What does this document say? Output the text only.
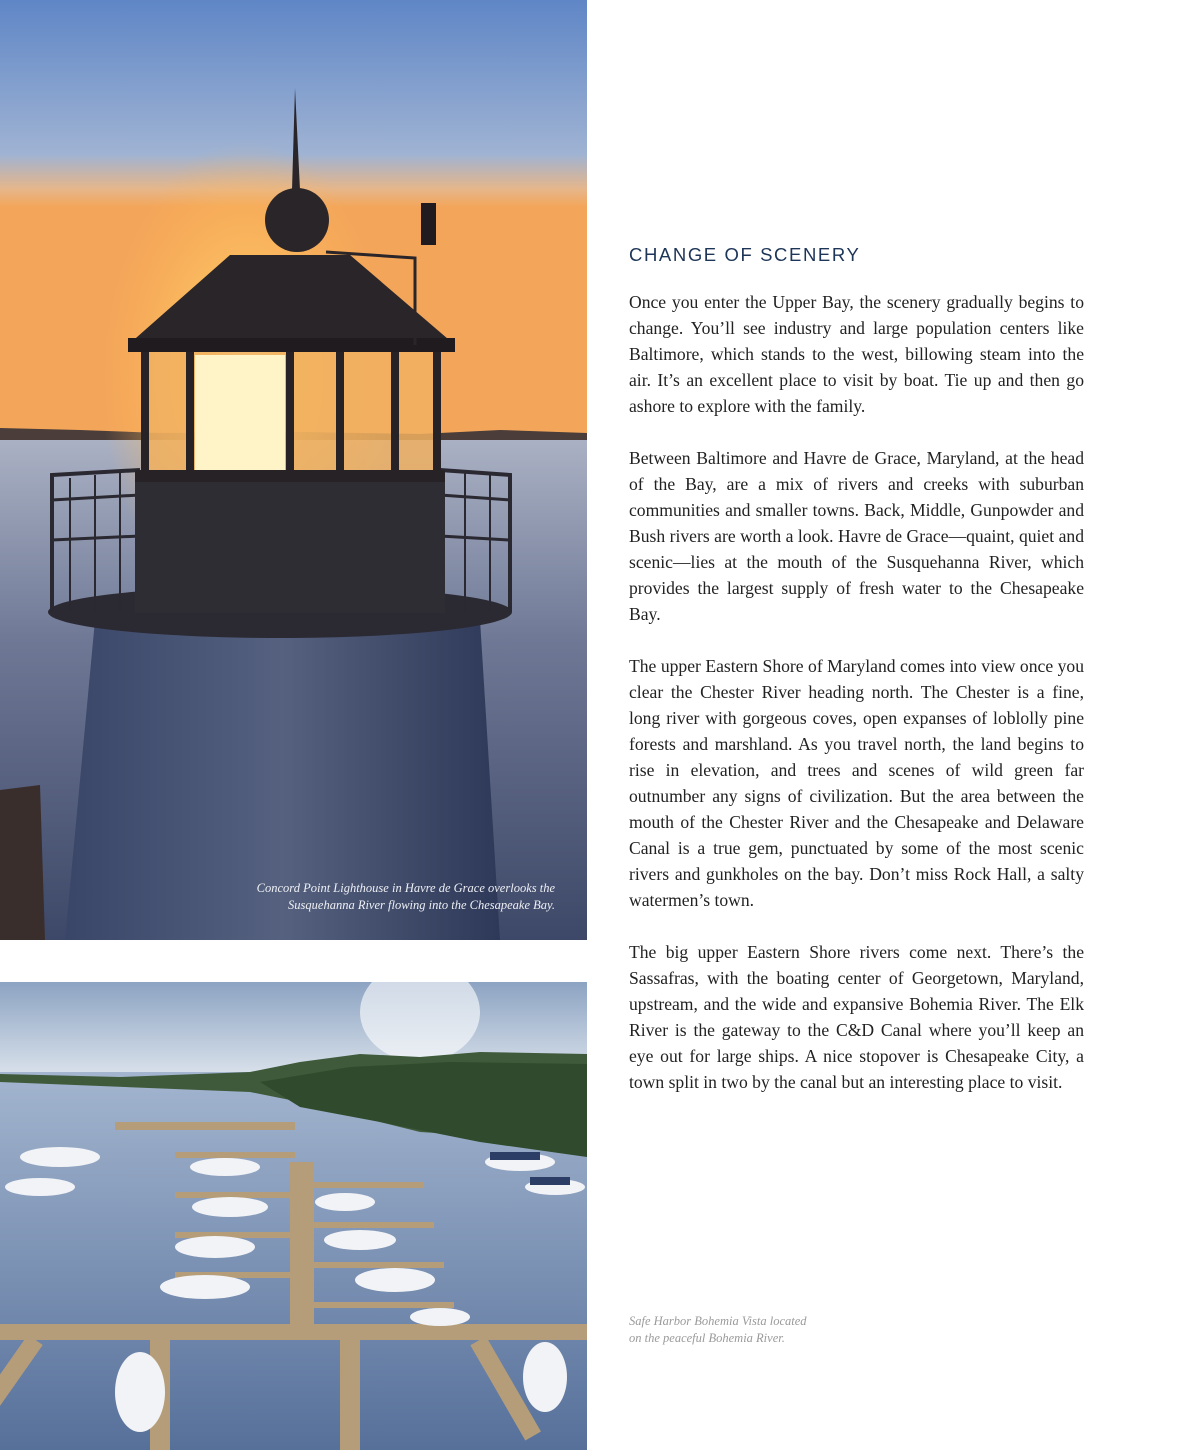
Concord Point Lighthouse in Havre de Grace overlooks the
Susquehanna River flowing into the Chesapeake Bay.
CHANGE OF SCENERY

Once you enter the Upper Bay, the scenery gradually begins to change. You’ll see industry and large population centers like Baltimore, which stands to the west, billowing steam into the air. It’s an excellent place to visit by boat. Tie up and then go ashore to explore with the family.

Between Baltimore and Havre de Grace, Maryland, at the head of the Bay, are a mix of rivers and creeks with suburban communities and smaller towns. Back, Middle, Gunpowder and Bush rivers are worth a look. Havre de Grace—quaint, quiet and scenic—lies at the mouth of the Susquehanna River, which provides the largest supply of fresh water to the Chesapeake Bay.

The upper Eastern Shore of Maryland comes into view once you clear the Chester River heading north. The Chester is a fine, long river with gorgeous coves, open expanses of loblolly pine forests and marshland. As you travel north, the land begins to rise in elevation, and trees and scenes of wild green far outnumber any signs of civilization. But the area between the mouth of the Chester River and the Chesapeake and Delaware Canal is a true gem, punctuated by some of the most scenic rivers and gunkholes on the bay. Don’t miss Rock Hall, a salty watermen’s town.

The big upper Eastern Shore rivers come next. There’s the Sassafras, with the boating center of Georgetown, Maryland, upstream, and the wide and expansive Bohemia River. The Elk River is the gateway to the C&D Canal where you’ll keep an eye out for large ships. A nice stopover is Chesapeake City, a town split in two by the canal but an interesting place to visit.

Safe Harbor Bohemia Vista located
on the peaceful Bohemia River.
